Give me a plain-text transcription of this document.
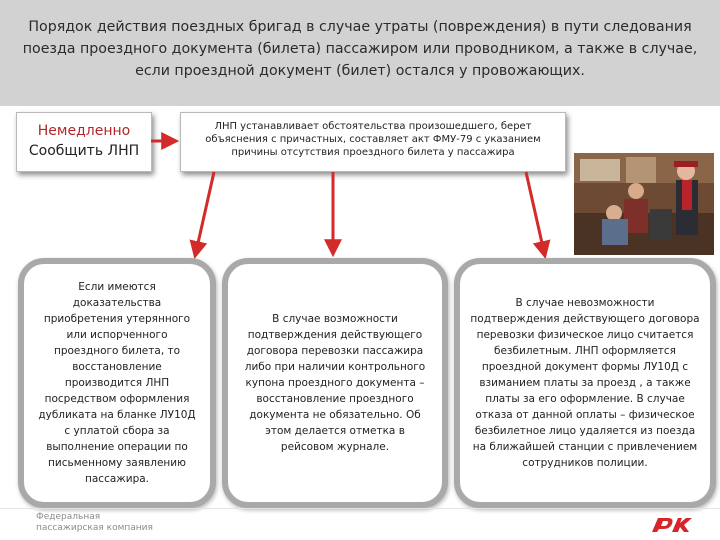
Порядок действия поездных бригад в случае утраты (повреждения) в пути следования поезда проездного документа (билета) пассажиром или проводником, а также в случае, если проездной документ (билет) остался у провожающих.

Немедленно
Сообщить ЛНП
ЛНП устанавливает обстоятельства произошедшего, берет объяснения с причастных, составляет акт ФМУ-79 с указанием причины отсутствия проездного билета у пассажира
Если имеются доказательства приобретения утерянного или испорченного проездного билета, то восстановление производится ЛНП посредством оформления дубликата на бланке ЛУ10Д с уплатой сбора за выполнение операции по письменному заявлению пассажира.
В случае возможности подтверждения действующего договора перевозки пассажира либо при наличии контрольного купона проездного документа – восстановление проездного документа не обязательно. Об этом делается отметка в рейсовом журнале.
В случае невозможности подтверждения действующего договора перевозки физическое лицо считается безбилетным. ЛНП оформляется проездной документ формы ЛУ10Д с взиманием платы за проезд , а также платы за его оформление. В случае отказа от данной оплаты – физическое безбилетное лицо удаляется из поезда на ближайшей станции с привлечением сотрудников полиции.

Федеральная
пассажирская компания
